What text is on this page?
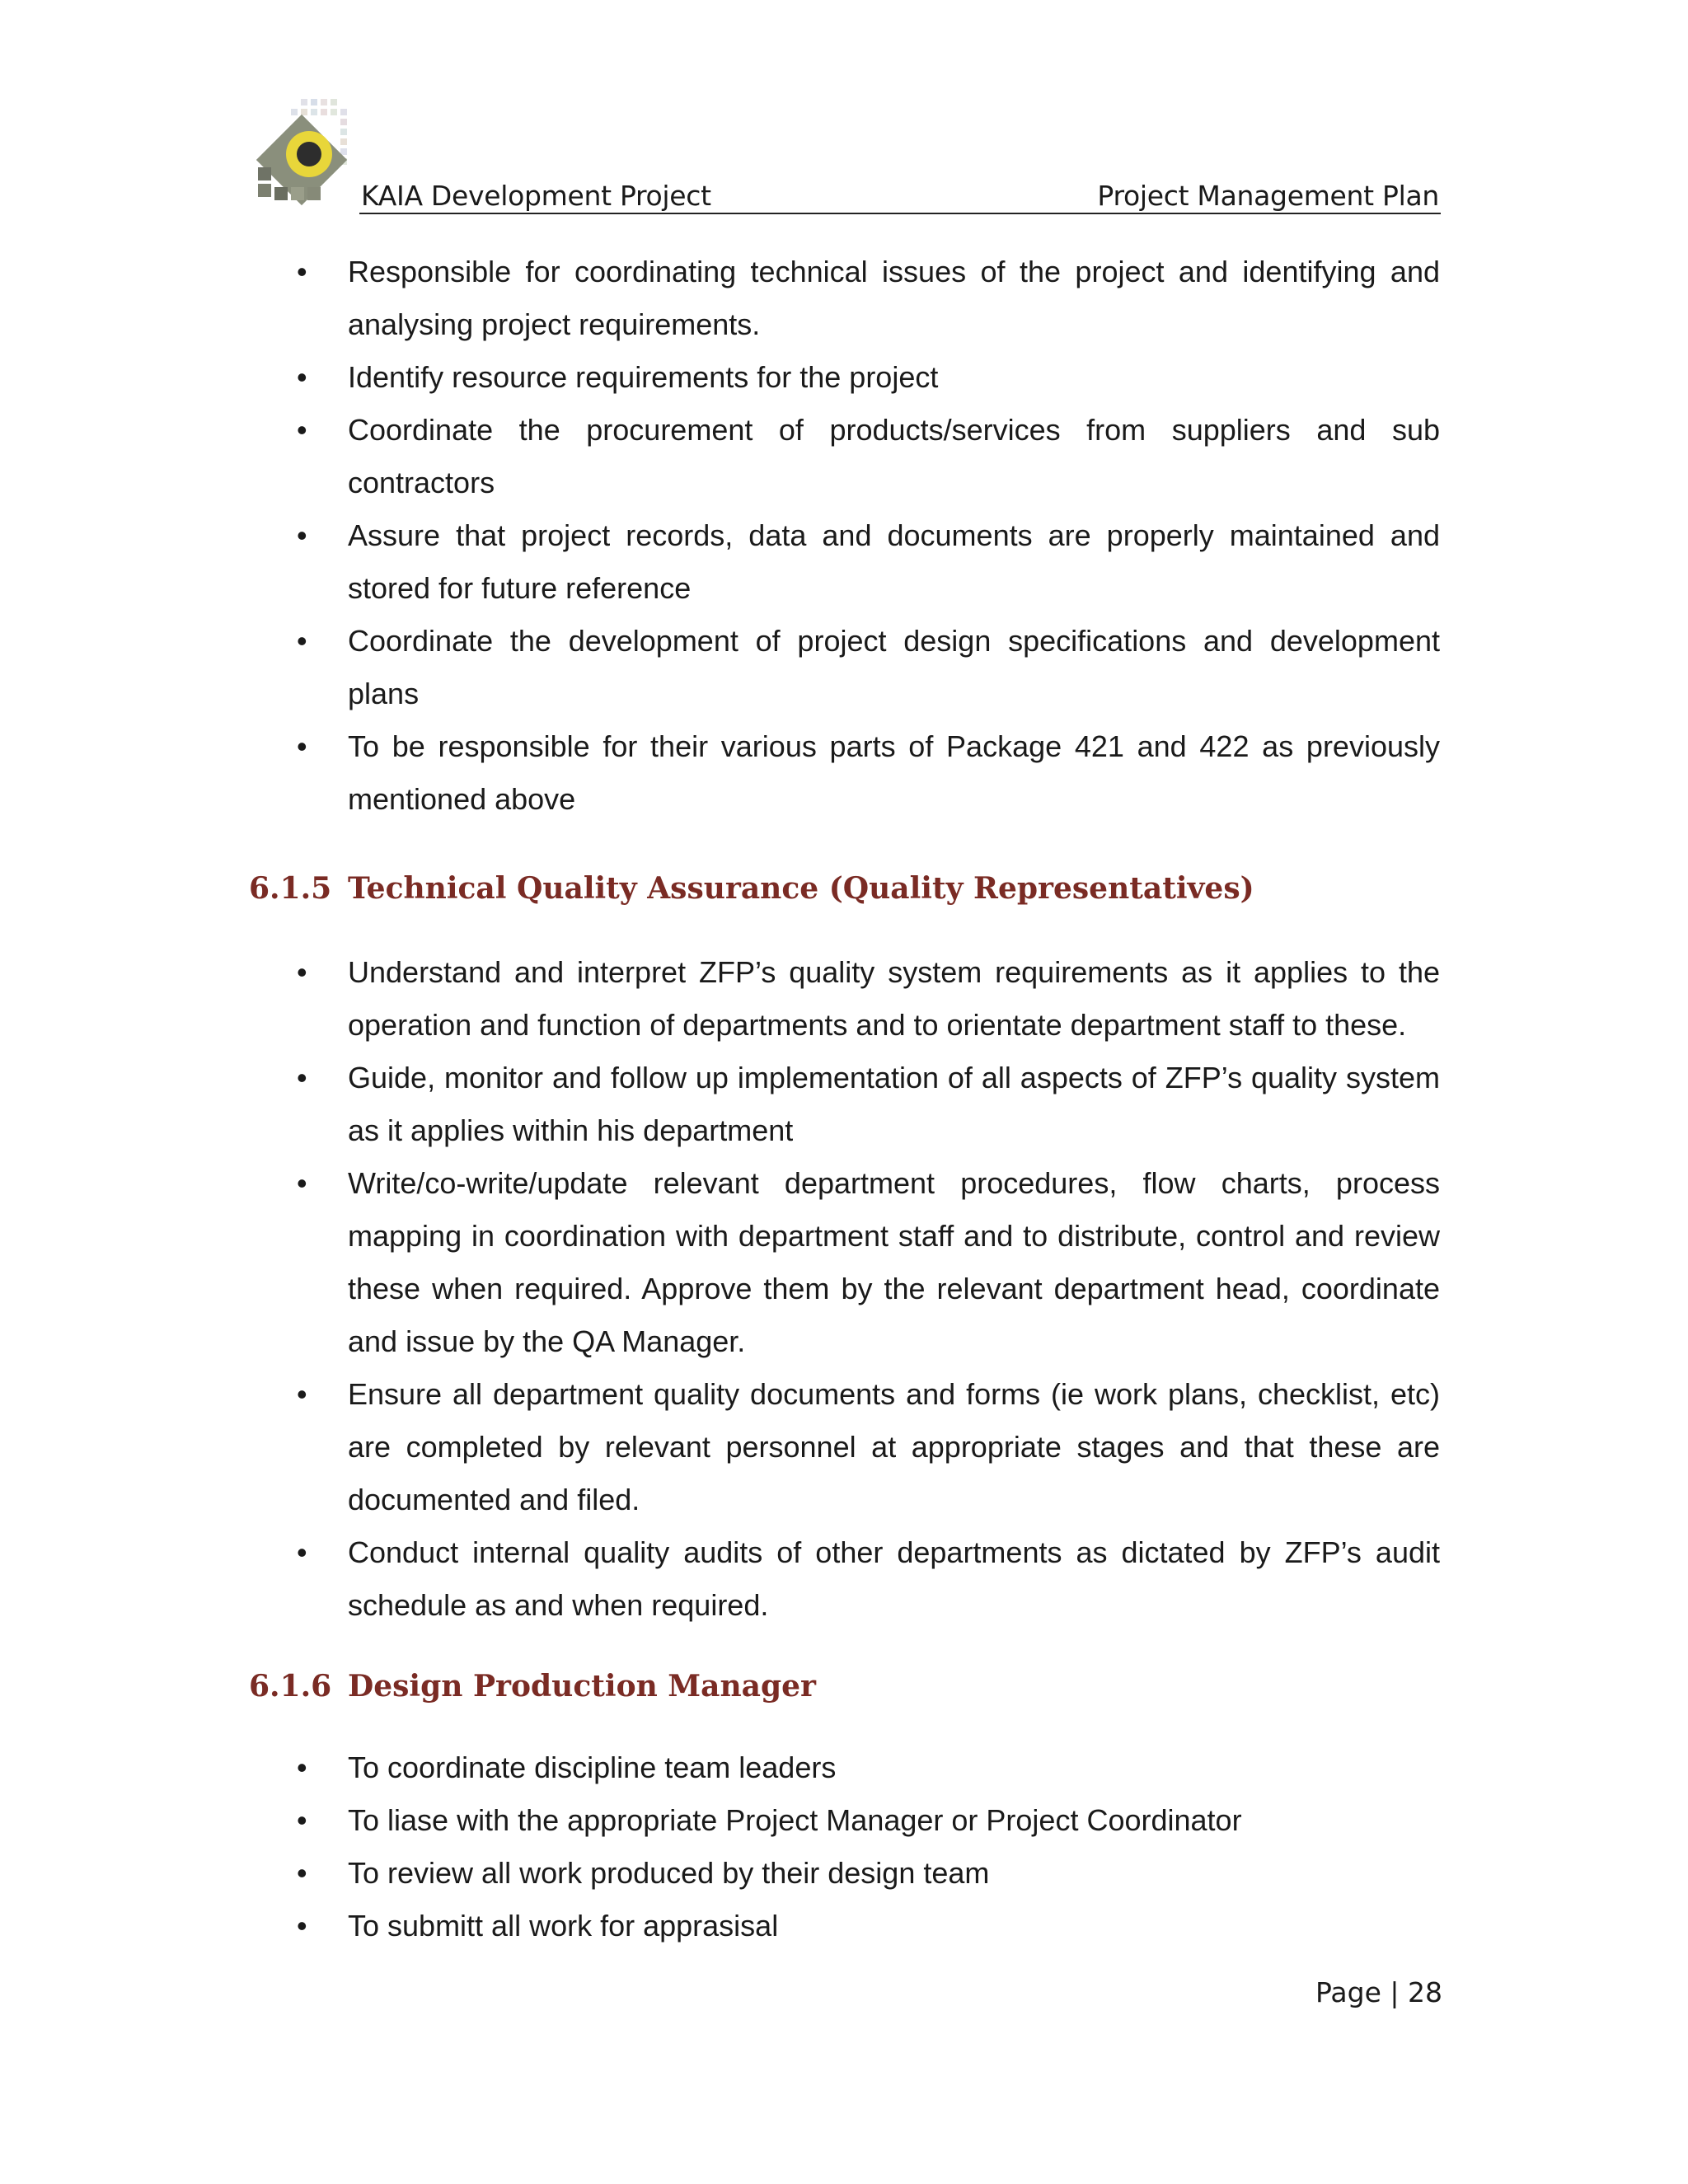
KAIA Development Project	Project Management Plan
• Responsible for coordinating technical issues of the project and identifying and analysing project requirements.
• Identify resource requirements for the project
• Coordinate the procurement of products/services from suppliers and sub contractors
• Assure that project records, data and documents are properly maintained and stored for future reference
• Coordinate the development of project design specifications and development plans
• To be responsible for their various parts of Package 421 and 422 as previously mentioned above
6.1.5 Technical Quality Assurance (Quality Representatives)
• Understand and interpret ZFP’s quality system requirements as it applies to the operation and function of departments and to orientate department staff to these.
• Guide, monitor and follow up implementation of all aspects of ZFP’s quality system as it applies within his department
• Write/co-write/update relevant department procedures, flow charts, process mapping in coordination with department staff and to distribute, control and review these when required. Approve them by the relevant department head, coordinate and issue by the QA Manager.
• Ensure all department quality documents and forms (ie work plans, checklist, etc) are completed by relevant personnel at appropriate stages and that these are documented and filed.
• Conduct internal quality audits of other departments as dictated by ZFP’s audit schedule as and when required.
6.1.6 Design Production Manager
• To coordinate discipline team leaders
• To liase with the appropriate Project Manager or Project Coordinator
• To review all work produced by their design team
• To submitt all work for apprasisal
Page | 28
